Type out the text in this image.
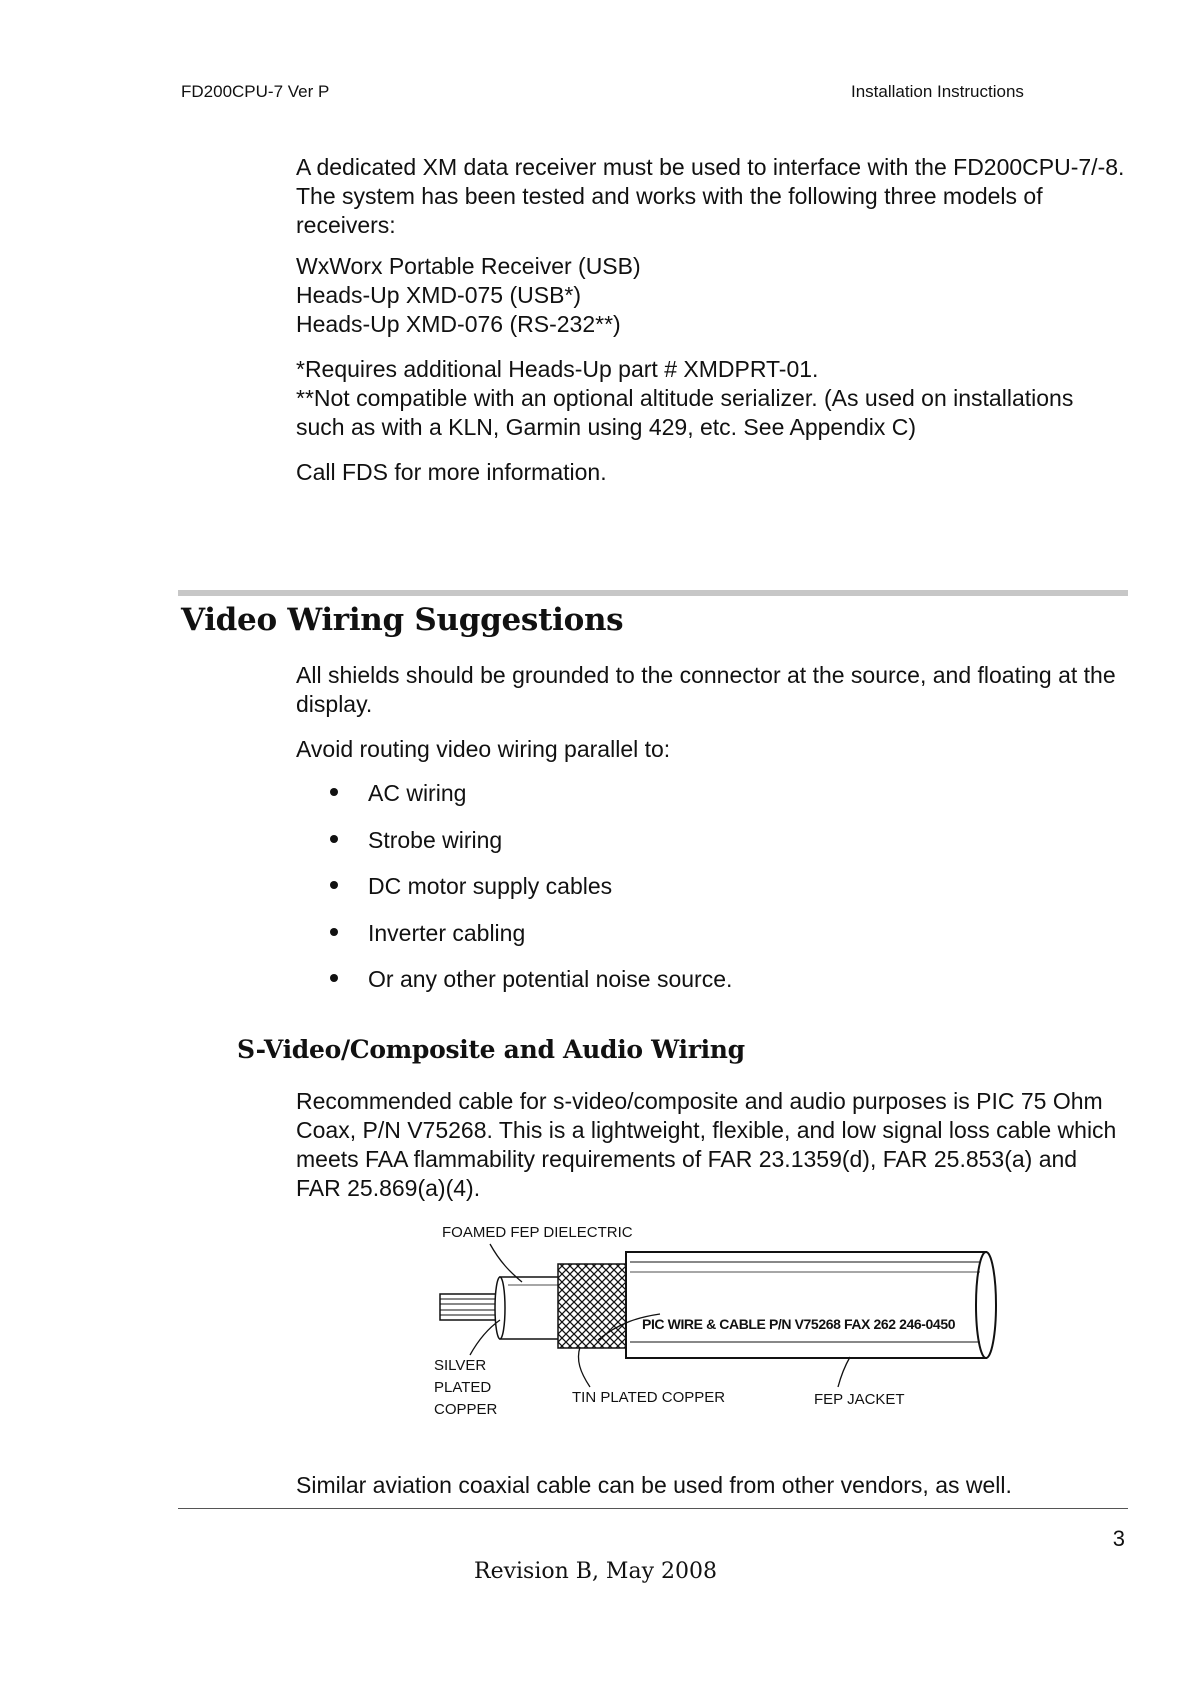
FD200CPU-7 Ver P	Installation Instructions

A dedicated XM data receiver must be used to interface with the FD200CPU-7/-8. The system has been tested and works with the following three models of receivers:

WxWorx Portable Receiver (USB)
Heads-Up XMD-075 (USB*)
Heads-Up XMD-076 (RS-232**)
*Requires additional Heads-Up part # XMDPRT-01.
**Not compatible with an optional altitude serializer. (As used on installations such as with a KLN, Garmin using 429, etc. See Appendix C)

Call FDS for more information.

Video Wiring Suggestions

All shields should be grounded to the connector at the source, and floating at the display.

Avoid routing video wiring parallel to:

AC wiring
Strobe wiring
DC motor supply cables
Inverter cabling
Or any other potential noise source.
S-Video/Composite and Audio Wiring

Recommended cable for s-video/composite and audio purposes is PIC 75 Ohm Coax, P/N V75268. This is a lightweight, flexible, and low signal loss cable which meets FAA flammability requirements of FAR 23.1359(d), FAR 25.853(a) and FAR 25.869(a)(4).

PIC WIRE & CABLE P/N V75268 FAX 262 246-0450
FOAMED FEP DIELECTRIC
SILVER
PLATED
COPPER
TIN PLATED COPPER	FEP JACKET

Similar aviation coaxial cable can be used from other vendors, as well.

3
Revision B, May 2008
